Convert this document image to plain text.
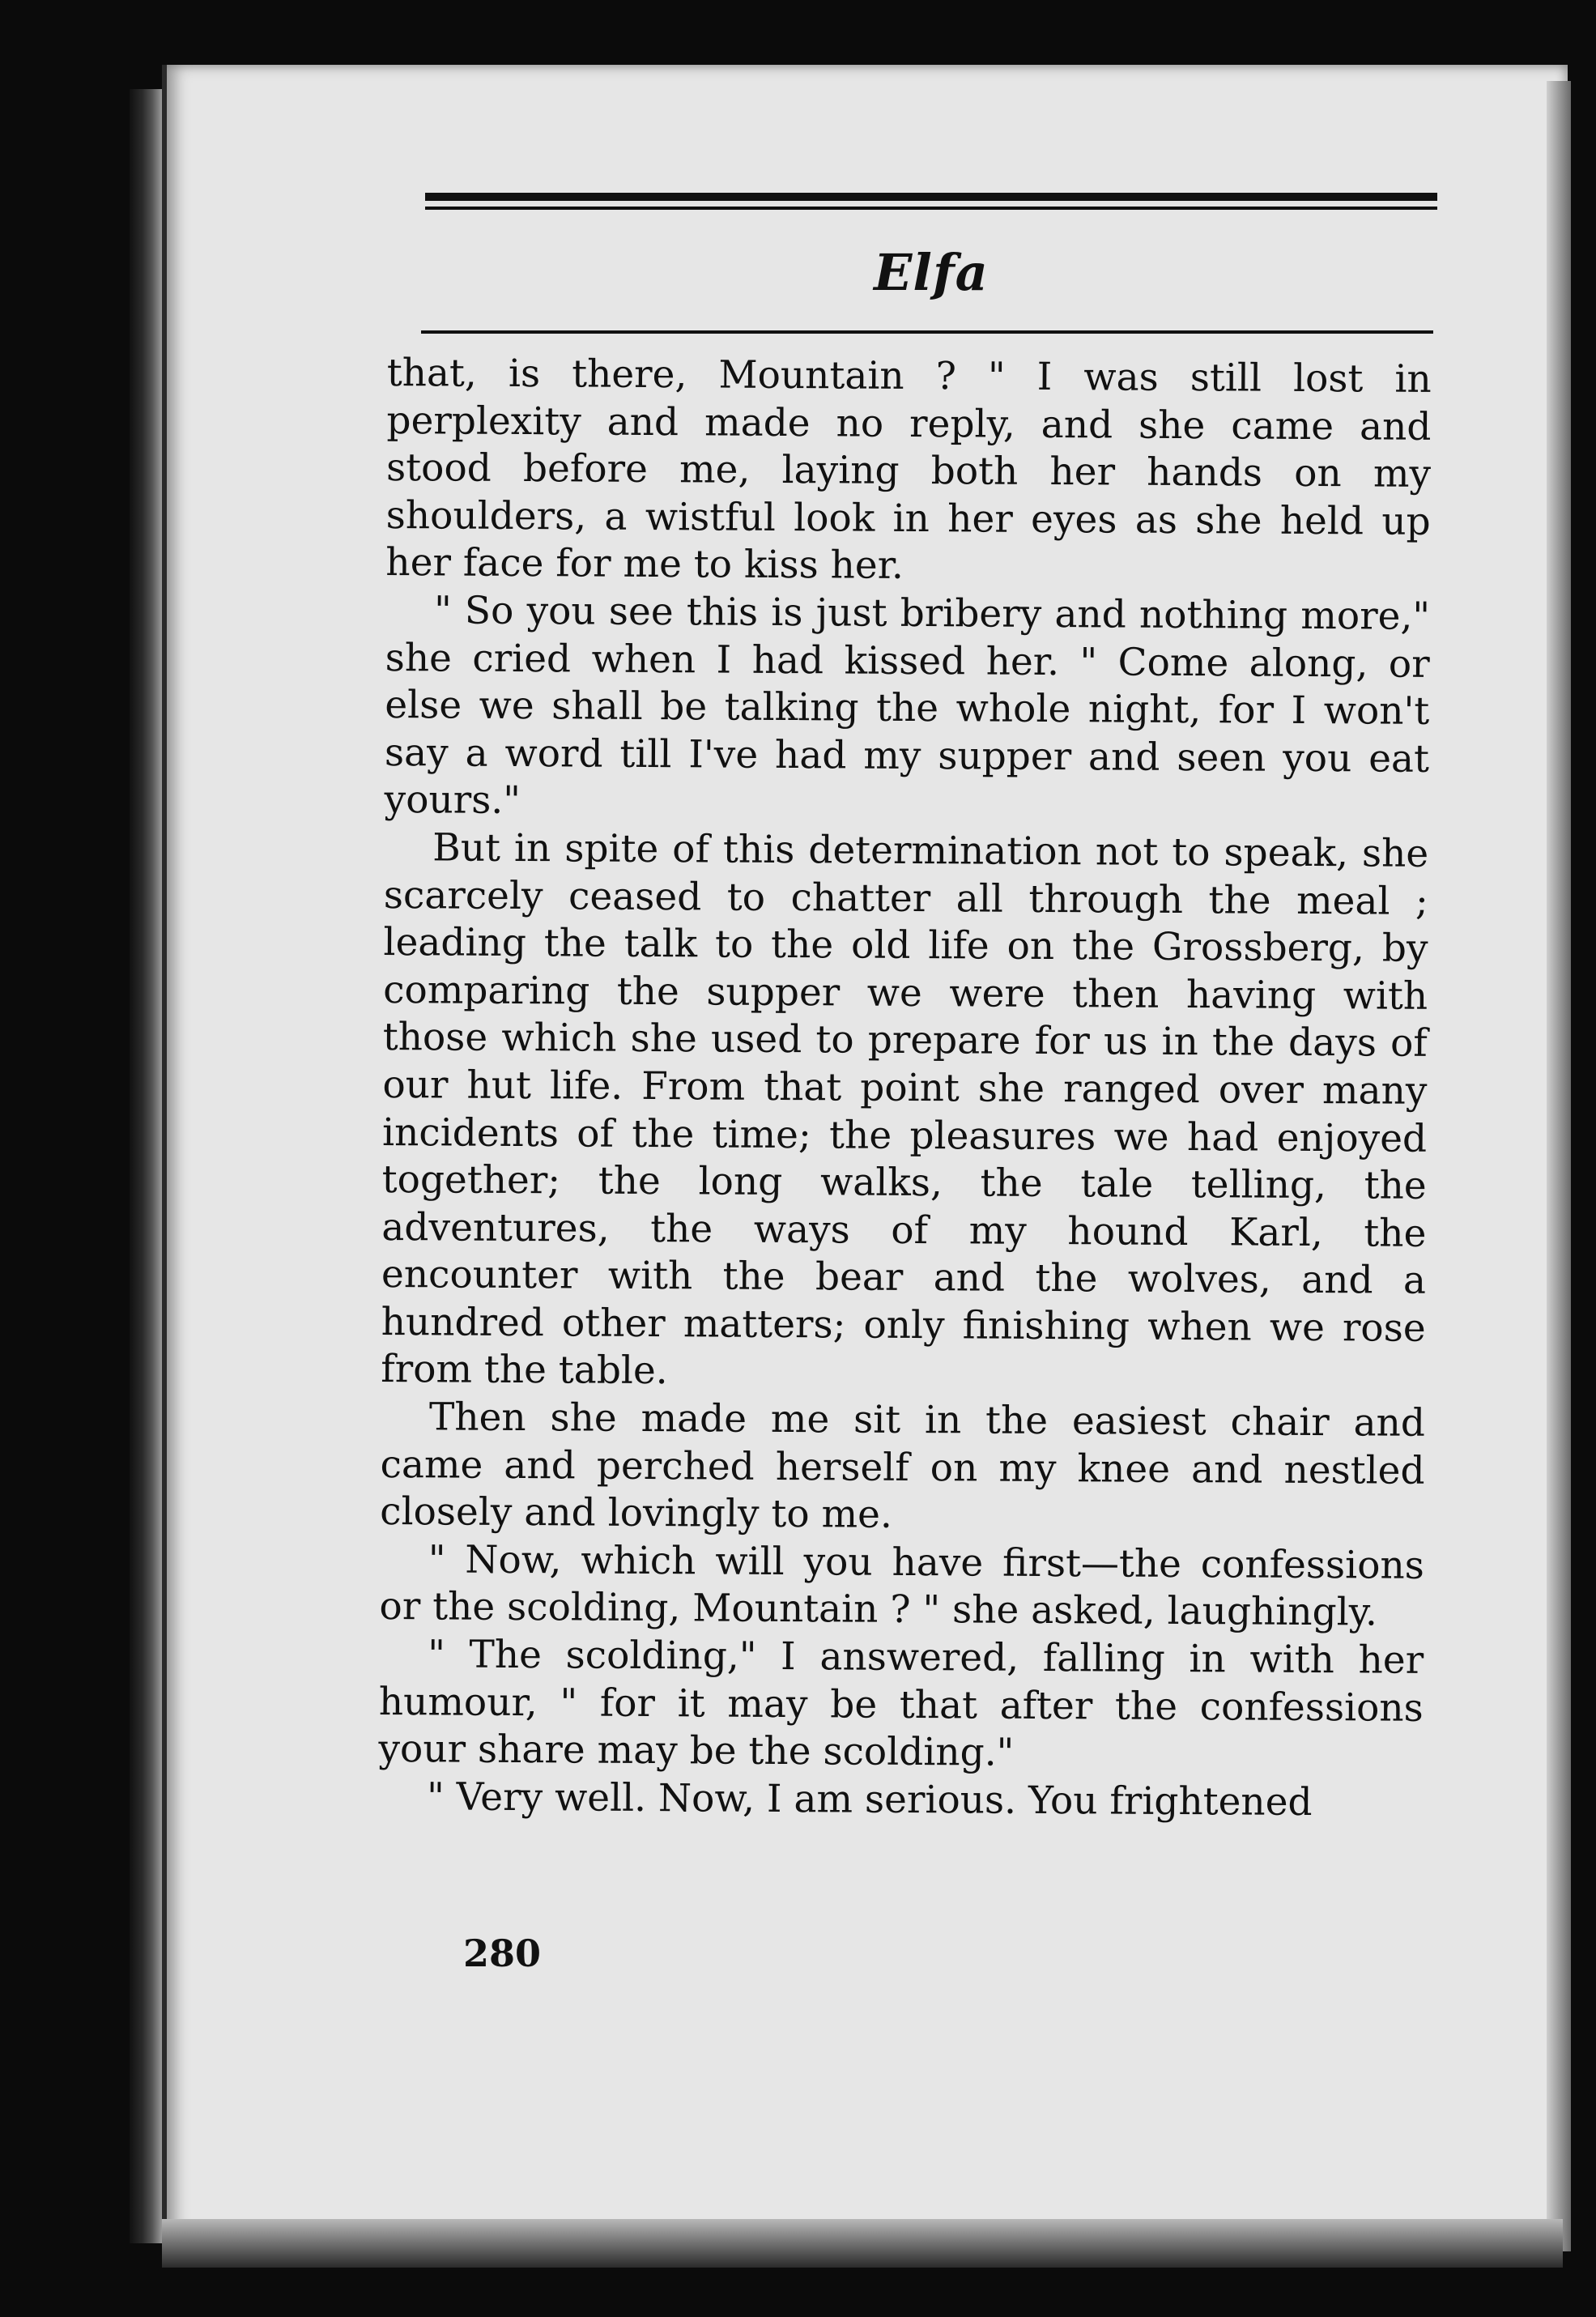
Elfa

that, is there, Mountain ? " I was still lost in perplexity and made no reply, and she came and stood before me, laying both her hands on my shoulders, a wistful look in her eyes as she held up her face for me to kiss her.

" So you see this is just bribery and nothing more," she cried when I had kissed her. " Come along, or else we shall be talking the whole night, for I won't say a word till I've had my supper and seen you eat yours."

But in spite of this determination not to speak, she scarcely ceased to chatter all through the meal ; leading the talk to the old life on the Grossberg, by comparing the supper we were then having with those which she used to prepare for us in the days of our hut life. From that point she ranged over many incidents of the time; the pleasures we had enjoyed together; the long walks, the tale telling, the adventures, the ways of my hound Karl, the encounter with the bear and the wolves, and a hundred other matters; only finishing when we rose from the table.

Then she made me sit in the easiest chair and came and perched herself on my knee and nestled closely and lovingly to me.

" Now, which will you have first—the confessions or the scolding, Mountain ? " she asked, laughingly.

" The scolding," I answered, falling in with her humour, " for it may be that after the confessions your share may be the scolding."

" Very well. Now, I am serious. You frightened

280
